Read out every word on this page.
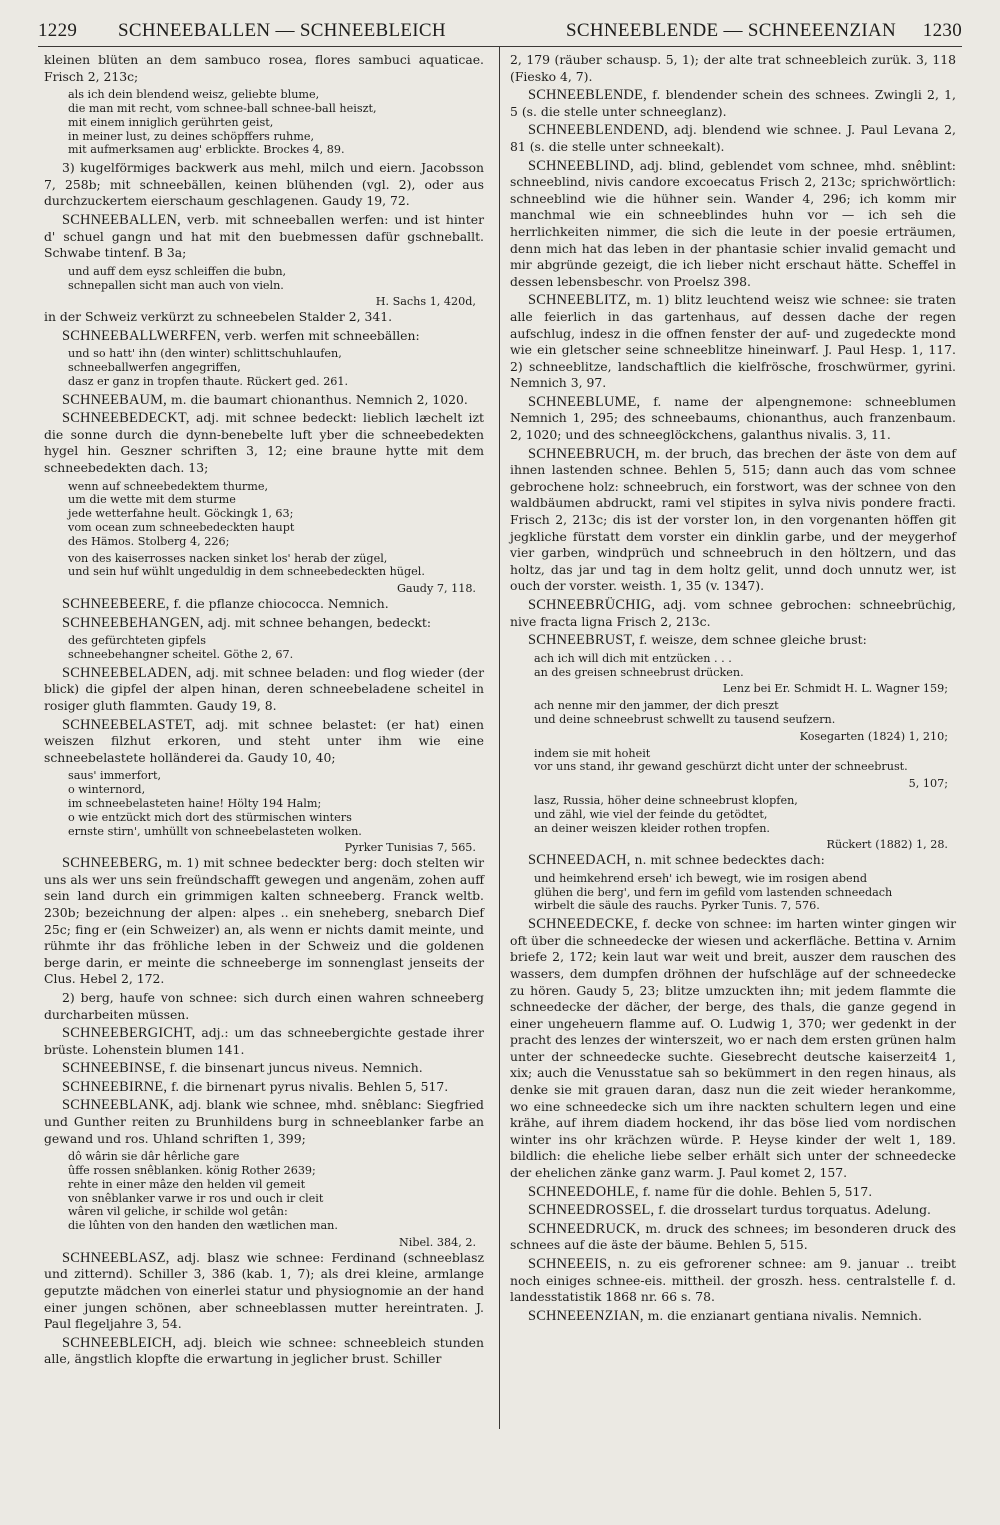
1229 SCHNEEBALLEN — SCHNEEBLEICH	SCHNEEBLENDE — SCHNEEENZIAN 1230
kleinen blüten an dem sambuco rosea, flores sambuci aquaticae. Frisch 2, 213c;
als ich dein blendend weisz, geliebte blume,
die man mit recht, vom schnee-ball schnee-ball heiszt,
mit einem inniglich gerührten geist,
in meiner lust, zu deines schöpffers ruhme,
mit aufmerksamen aug' erblickte. Brockes 4, 89.
3) kugelförmiges backwerk aus mehl, milch und eiern. Jacobsson 7, 258b; mit schneebällen, keinen blühenden (vgl. 2), oder aus durchzuckertem eierschaum geschlagenen. Gaudy 19, 72.
SCHNEEBALLEN, verb. mit schneeballen werfen: und ist hinter d' schuel gangn und hat mit den buebmessen dafür gschneballt. Schwabe tintenf. B 3a;
und auff dem eysz schleiffen die bubn,
schnepallen sicht man auch von vieln.
H. Sachs 1, 420d,
in der Schweiz verkürzt zu schneebelen Stalder 2, 341.
SCHNEEBALLWERFEN, verb. werfen mit schneebällen:
und so hatt' ihn (den winter) schlittschuhlaufen,
schneeballwerfen angegriffen,
dasz er ganz in tropfen thaute. Rückert ged. 261.
SCHNEEBAUM, m. die baumart chionanthus. Nemnich 2, 1020.
SCHNEEBEDECKT, adj. mit schnee bedeckt: lieblich læchelt izt die sonne durch die dynn-benebelte luft yber die schneebedekten hygel hin. Geszner schriften 3, 12; eine braune hytte mit dem schneebedekten dach. 13;
wenn auf schneebedektem thurme,
um die wette mit dem sturme
jede wetterfahne heult. Göckingk 1, 63;
vom ocean zum schneebedeckten haupt
des Hämos. Stolberg 4, 226;
von des kaiserrosses nacken sinket los' herab der zügel,
und sein huf wühlt ungeduldig in dem schneebedeckten hügel.
Gaudy 7, 118.
SCHNEEBEERE, f. die pflanze chiococca. Nemnich.
SCHNEEBEHANGEN, adj. mit schnee behangen, bedeckt:
des gefürchteten gipfels
schneebehangner scheitel. Göthe 2, 67.
SCHNEEBELADEN, adj. mit schnee beladen: und flog wieder (der blick) die gipfel der alpen hinan, deren schneebeladene scheitel in rosiger gluth flammten. Gaudy 19, 8.
SCHNEEBELASTET, adj. mit schnee belastet: (er hat) einen weiszen filzhut erkoren, und steht unter ihm wie eine schneebelastete holländerei da. Gaudy 10, 40;
saus' immerfort,
o winternord,
im schneebelasteten haine! Hölty 194 Halm;
o wie entzückt mich dort des stürmischen winters
ernste stirn', umhüllt von schneebelasteten wolken.
Pyrker Tunisias 7, 565.
SCHNEEBERG, m. 1) mit schnee bedeckter berg: doch stelten wir uns als wer uns sein freündschafft gewegen und angenäm, zohen auff sein land durch ein grimmigen kalten schneeberg. Franck weltb. 230b; bezeichnung der alpen: alpes .. ein sneheberg, snebarch Dief 25c; fing er (ein Schweizer) an, als wenn er nichts damit meinte, und rühmte ihr das fröhliche leben in der Schweiz und die goldenen berge darin, er meinte die schneeberge im sonnenglast jenseits der Clus. Hebel 2, 172.
2) berg, haufe von schnee: sich durch einen wahren schneeberg durcharbeiten müssen.
SCHNEEBERGICHT, adj.: um das schneebergichte gestade ihrer brüste. Lohenstein blumen 141.
SCHNEEBINSE, f. die binsenart juncus niveus. Nemnich.
SCHNEEBIRNE, f. die birnenart pyrus nivalis. Behlen 5, 517.
SCHNEEBLANK, adj. blank wie schnee, mhd. snêblanc: Siegfried und Gunther reiten zu Brunhildens burg in schneeblanker farbe an gewand und ros. Uhland schriften 1, 399;
dô wârin sie dâr hêrliche gare
ûffe rossen snêblanken. könig Rother 2639;
rehte in einer mâze den helden vil gemeit
von snêblanker varwe ir ros und ouch ir cleit
wâren vil geliche, ir schilde wol getân:
die lûhten von den handen den wætlichen man.
Nibel. 384, 2.
SCHNEEBLASZ, adj. blasz wie schnee: Ferdinand (schneeblasz und zitternd). Schiller 3, 386 (kab. 1, 7); als drei kleine, armlange geputzte mädchen von einerlei statur und physiognomie an der hand einer jungen schönen, aber schneeblassen mutter hereintraten. J. Paul flegeljahre 3, 54.
SCHNEEBLEICH, adj. bleich wie schnee: schneebleich stunden alle, ängstlich klopfte die erwartung in jeglicher brust. Schiller
2, 179 (räuber schausp. 5, 1); der alte trat schneebleich zurük. 3, 118 (Fiesko 4, 7).
SCHNEEBLENDE, f. blendender schein des schnees. Zwingli 2, 1, 5 (s. die stelle unter schneeglanz).
SCHNEEBLENDEND, adj. blendend wie schnee. J. Paul Levana 2, 81 (s. die stelle unter schneekalt).
SCHNEEBLIND, adj. blind, geblendet vom schnee, mhd. snêblint: schneeblind, nivis candore excoecatus Frisch 2, 213c; sprichwörtlich: schneeblind wie die hühner sein. Wander 4, 296; ich komm mir manchmal wie ein schneeblindes huhn vor — ich seh die herrlichkeiten nimmer, die sich die leute in der poesie erträumen, denn mich hat das leben in der phantasie schier invalid gemacht und mir abgründe gezeigt, die ich lieber nicht erschaut hätte. Scheffel in dessen lebensbeschr. von Proelsz 398.
SCHNEEBLITZ, m. 1) blitz leuchtend weisz wie schnee: sie traten alle feierlich in das gartenhaus, auf dessen dache der regen aufschlug, indesz in die offnen fenster der auf- und zugedeckte mond wie ein gletscher seine schneeblitze hineinwarf. J. Paul Hesp. 1, 117. 2) schneeblitze, landschaftlich die kielfrösche, froschwürmer, gyrini. Nemnich 3, 97.
SCHNEEBLUME, f. name der alpengnemone: schneeblumen Nemnich 1, 295; des schneebaums, chionanthus, auch franzenbaum. 2, 1020; und des schneeglöckchens, galanthus nivalis. 3, 11.
SCHNEEBRUCH, m. der bruch, das brechen der äste von dem auf ihnen lastenden schnee. Behlen 5, 515; dann auch das vom schnee gebrochene holz: schneebruch, ein forstwort, was der schnee von den waldbäumen abdruckt, rami vel stipites in sylva nivis pondere fracti. Frisch 2, 213c; dis ist der vorster lon, in den vorgenanten höffen git jegkliche fürstatt dem vorster ein dinklin garbe, und der meygerhof vier garben, windprüch und schneebruch in den höltzern, und das holtz, das jar und tag in dem holtz gelit, unnd doch unnutz wer, ist ouch der vorster. weisth. 1, 35 (v. 1347).
SCHNEEBRÜCHIG, adj. vom schnee gebrochen: schneebrüchig, nive fracta ligna Frisch 2, 213c.
SCHNEEBRUST, f. weisze, dem schnee gleiche brust:
ach ich will dich mit entzücken . . .
an des greisen schneebrust drücken.
Lenz bei Er. Schmidt H. L. Wagner 159;
ach nenne mir den jammer, der dich preszt
und deine schneebrust schwellt zu tausend seufzern.
Kosegarten (1824) 1, 210;
indem sie mit hoheit
vor uns stand, ihr gewand geschürzt dicht unter der schneebrust.
5, 107;
lasz, Russia, höher deine schneebrust klopfen,
und zähl, wie viel der feinde du getödtet,
an deiner weiszen kleider rothen tropfen.
Rückert (1882) 1, 28.
SCHNEEDACH, n. mit schnee bedecktes dach:
und heimkehrend erseh' ich bewegt, wie im rosigen abend
glühen die berg', und fern im gefild vom lastenden schneedach
wirbelt die säule des rauchs. Pyrker Tunis. 7, 576.
SCHNEEDECKE, f. decke von schnee: im harten winter gingen wir oft über die schneedecke der wiesen und ackerfläche. Bettina v. Arnim briefe 2, 172; kein laut war weit und breit, auszer dem rauschen des wassers, dem dumpfen dröhnen der hufschläge auf der schneedecke zu hören. Gaudy 5, 23; blitze umzuckten ihn; mit jedem flammte die schneedecke der dächer, der berge, des thals, die ganze gegend in einer ungeheuern flamme auf. O. Ludwig 1, 370; wer gedenkt in der pracht des lenzes der winterszeit, wo er nach dem ersten grünen halm unter der schneedecke suchte. Giesebrecht deutsche kaiserzeit4 1, xix; auch die Venusstatue sah so bekümmert in den regen hinaus, als denke sie mit grauen daran, dasz nun die zeit wieder herankomme, wo eine schneedecke sich um ihre nackten schultern legen und eine krähe, auf ihrem diadem hockend, ihr das böse lied vom nordischen winter ins ohr krächzen würde. P. Heyse kinder der welt 1, 189. bildlich: die eheliche liebe selber erhält sich unter der schneedecke der ehelichen zänke ganz warm. J. Paul komet 2, 157.
SCHNEEDOHLE, f. name für die dohle. Behlen 5, 517.
SCHNEEDROSSEL, f. die drosselart turdus torquatus. Adelung.
SCHNEEDRUCK, m. druck des schnees; im besonderen druck des schnees auf die äste der bäume. Behlen 5, 515.
SCHNEEEIS, n. zu eis gefrorener schnee: am 9. januar .. treibt noch einiges schnee-eis. mittheil. der groszh. hess. centralstelle f. d. landesstatistik 1868 nr. 66 s. 78.
SCHNEEENZIAN, m. die enzianart gentiana nivalis. Nemnich.
